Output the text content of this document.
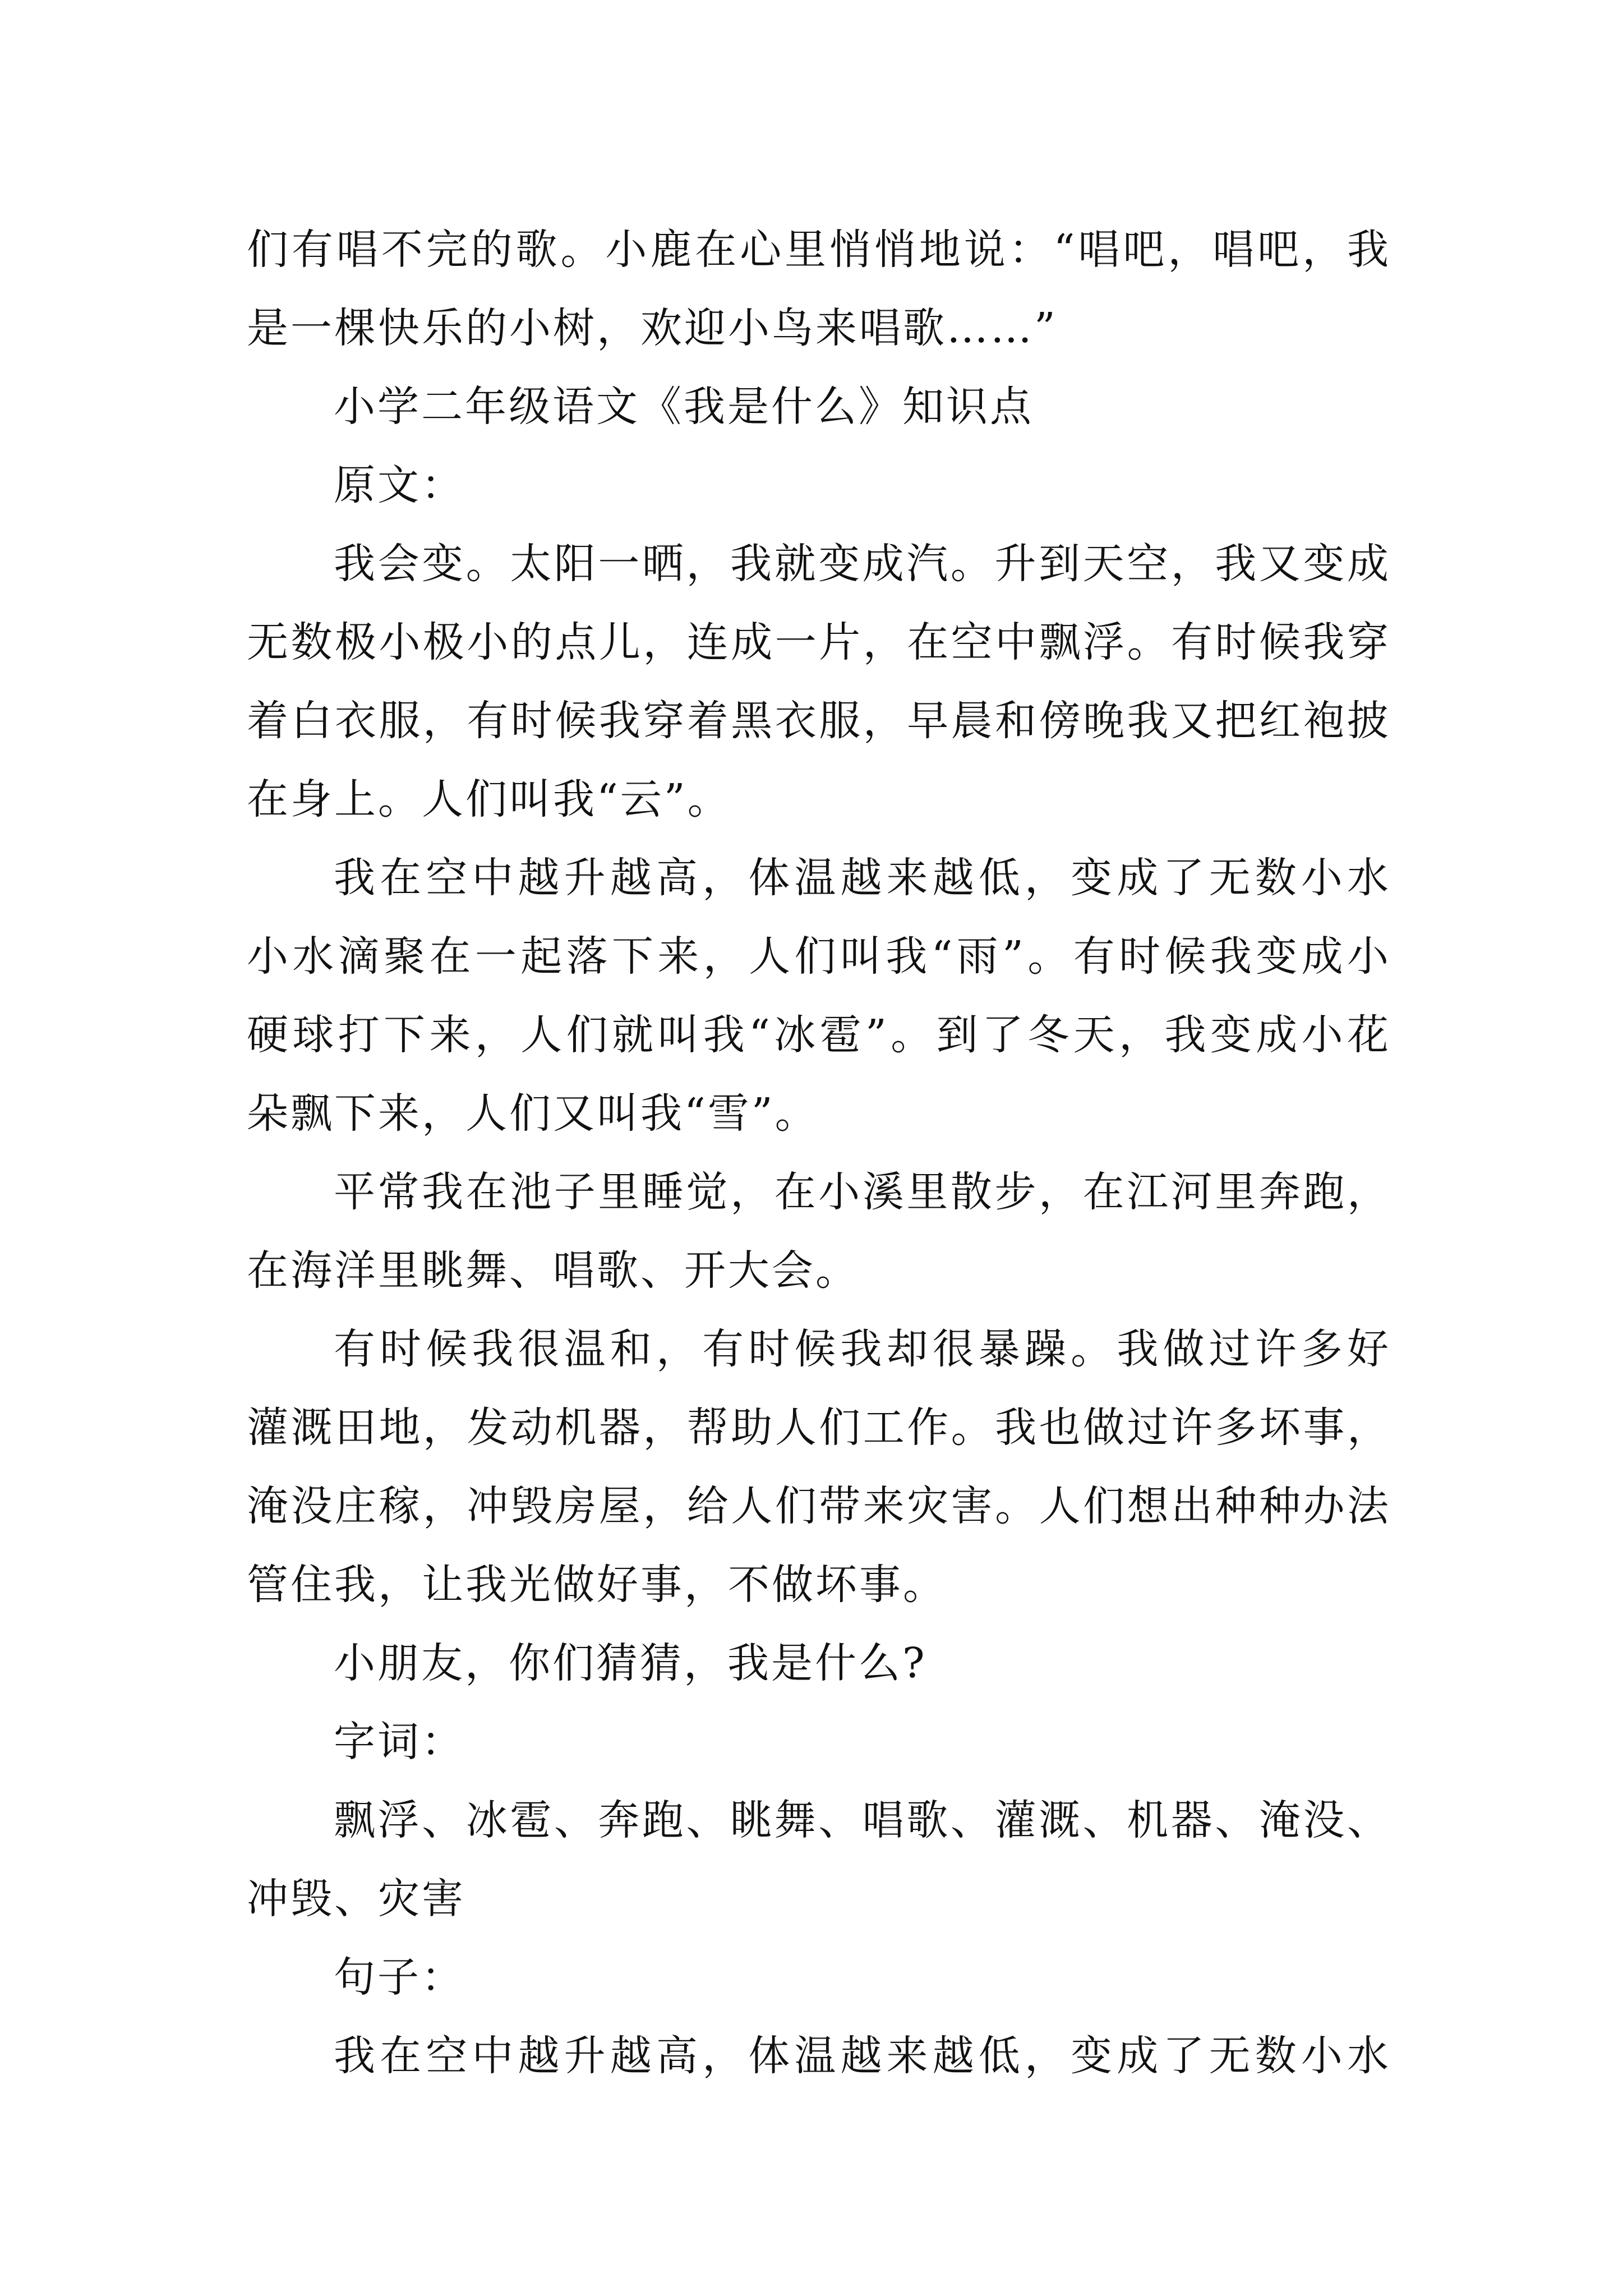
们有唱不完的歌。小鹿在心里悄悄地说：“唱吧，唱吧，我
是一棵快乐的小树，欢迎小鸟来唱歌……”
小学二年级语文《我是什么》知识点
原文：
我会变。太阳一晒，我就变成汽。升到天空，我又变成
无数极小极小的点儿，连成一片，在空中飘浮。有时候我穿
着白衣服，有时候我穿着黑衣服，早晨和傍晚我又把红袍披
在身上。人们叫我“云”。
我在空中越升越高，体温越来越低，变成了无数小水
小水滴聚在一起落下来，人们叫我“雨”。有时候我变成小
硬球打下来，人们就叫我“冰雹”。到了冬天，我变成小花
朵飘下来，人们又叫我“雪”。
平常我在池子里睡觉，在小溪里散步，在江河里奔跑，
在海洋里眺舞、唱歌、开大会。
有时候我很温和，有时候我却很暴躁。我做过许多好
灌溉田地，发动机器，帮助人们工作。我也做过许多坏事，
淹没庄稼，冲毁房屋，给人们带来灾害。人们想出种种办法
管住我，让我光做好事，不做坏事。
小朋友，你们猜猜，我是什么?
字词：
飘浮、冰雹、奔跑、眺舞、唱歌、灌溉、机器、淹没、
冲毁、灾害
句子：
我在空中越升越高，体温越来越低，变成了无数小水
